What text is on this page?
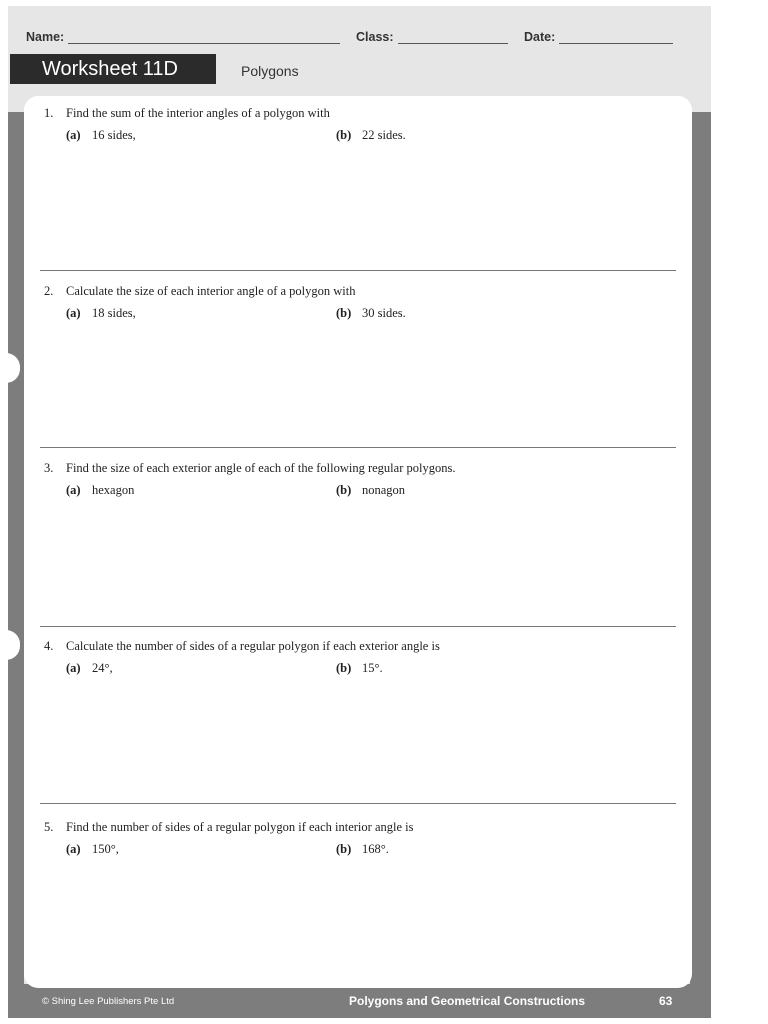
Name:	Class:	Date:
Worksheet 11D	Polygons
1.	Find the sum of the interior angles of a polygon with
(a) 16 sides,	(b) 22 sides.
2.	Calculate the size of each interior angle of a polygon with
(a) 18 sides,	(b) 30 sides.
3.	Find the size of each exterior angle of each of the following regular polygons.
(a) hexagon	(b) nonagon
4.	Calculate the number of sides of a regular polygon if each exterior angle is
(a) 24°,	(b) 15°.
5.	Find the number of sides of a regular polygon if each interior angle is
(a) 150°,	(b) 168°.
© Shing Lee Publishers Pte Ltd	Polygons and Geometrical Constructions	63
